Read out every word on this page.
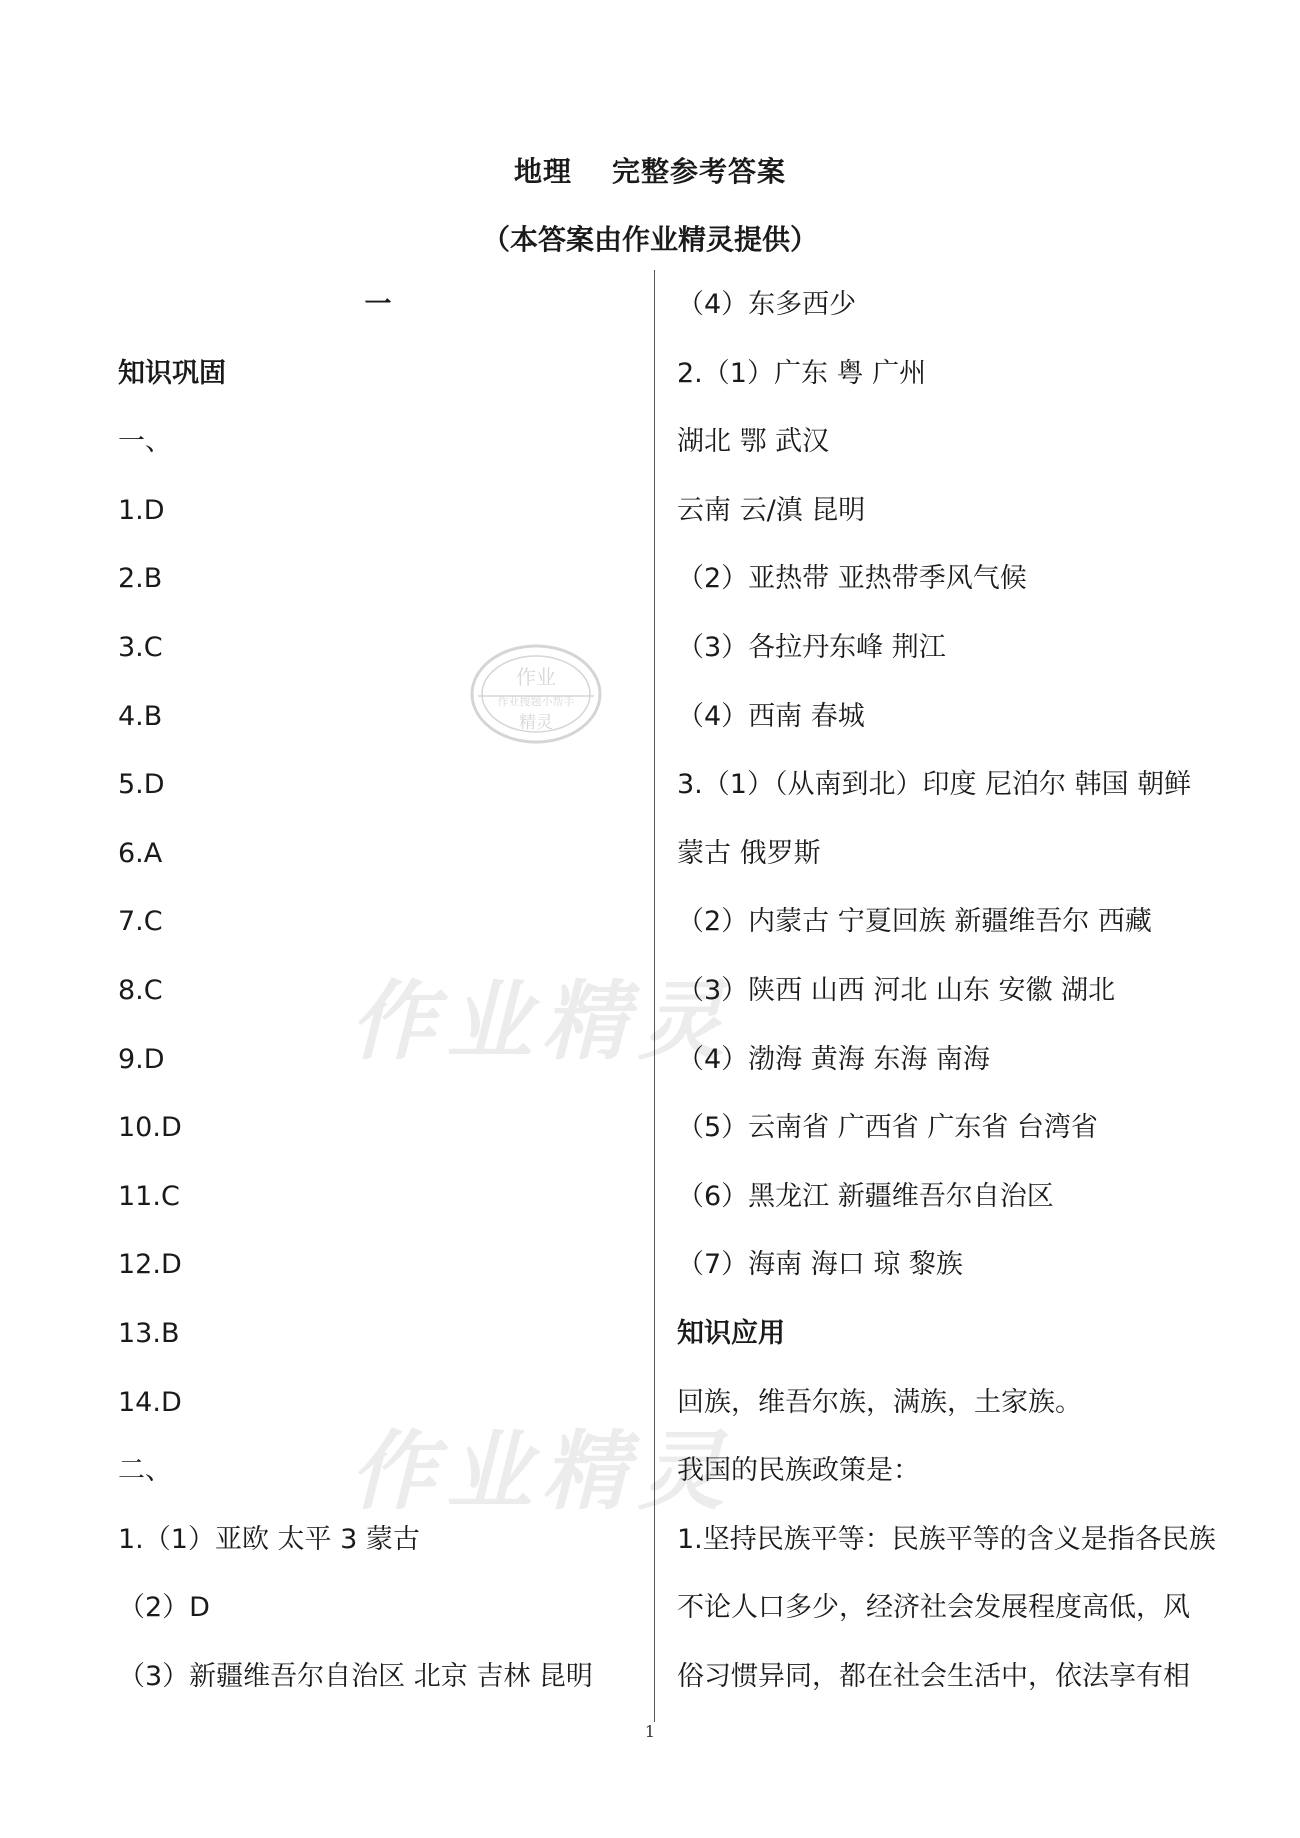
地理 完整参考答案
（本答案由作业精灵提供）
作业
作业搜题小帮手
精灵
作业精灵
作业精灵
一
知识巩固
一、
1.D
2.B
3.C
4.B
5.D
6.A
7.C
8.C
9.D
10.D
11.C
12.D
13.B
14.D
二、
1.（1）亚欧 太平 3 蒙古
（2）D
（3）新疆维吾尔自治区 北京 吉林 昆明
（4）东多西少
2.（1）广东 粤 广州
湖北 鄂 武汉
云南 云/滇 昆明
（2）亚热带 亚热带季风气候
（3）各拉丹东峰 荆江
（4）西南 春城
3.（1）（从南到北）印度 尼泊尔 韩国 朝鲜
蒙古 俄罗斯
（2）内蒙古 宁夏回族 新疆维吾尔 西藏
（3）陕西 山西 河北 山东 安徽 湖北
（4）渤海 黄海 东海 南海
（5）云南省 广西省 广东省 台湾省
（6）黑龙江 新疆维吾尔自治区
（7）海南 海口 琼 黎族
知识应用
回族，维吾尔族，满族，土家族。
我国的民族政策是：
1.坚持民族平等：民族平等的含义是指各民族
不论人口多少，经济社会发展程度高低，风
俗习惯异同，都在社会生活中，依法享有相
1
